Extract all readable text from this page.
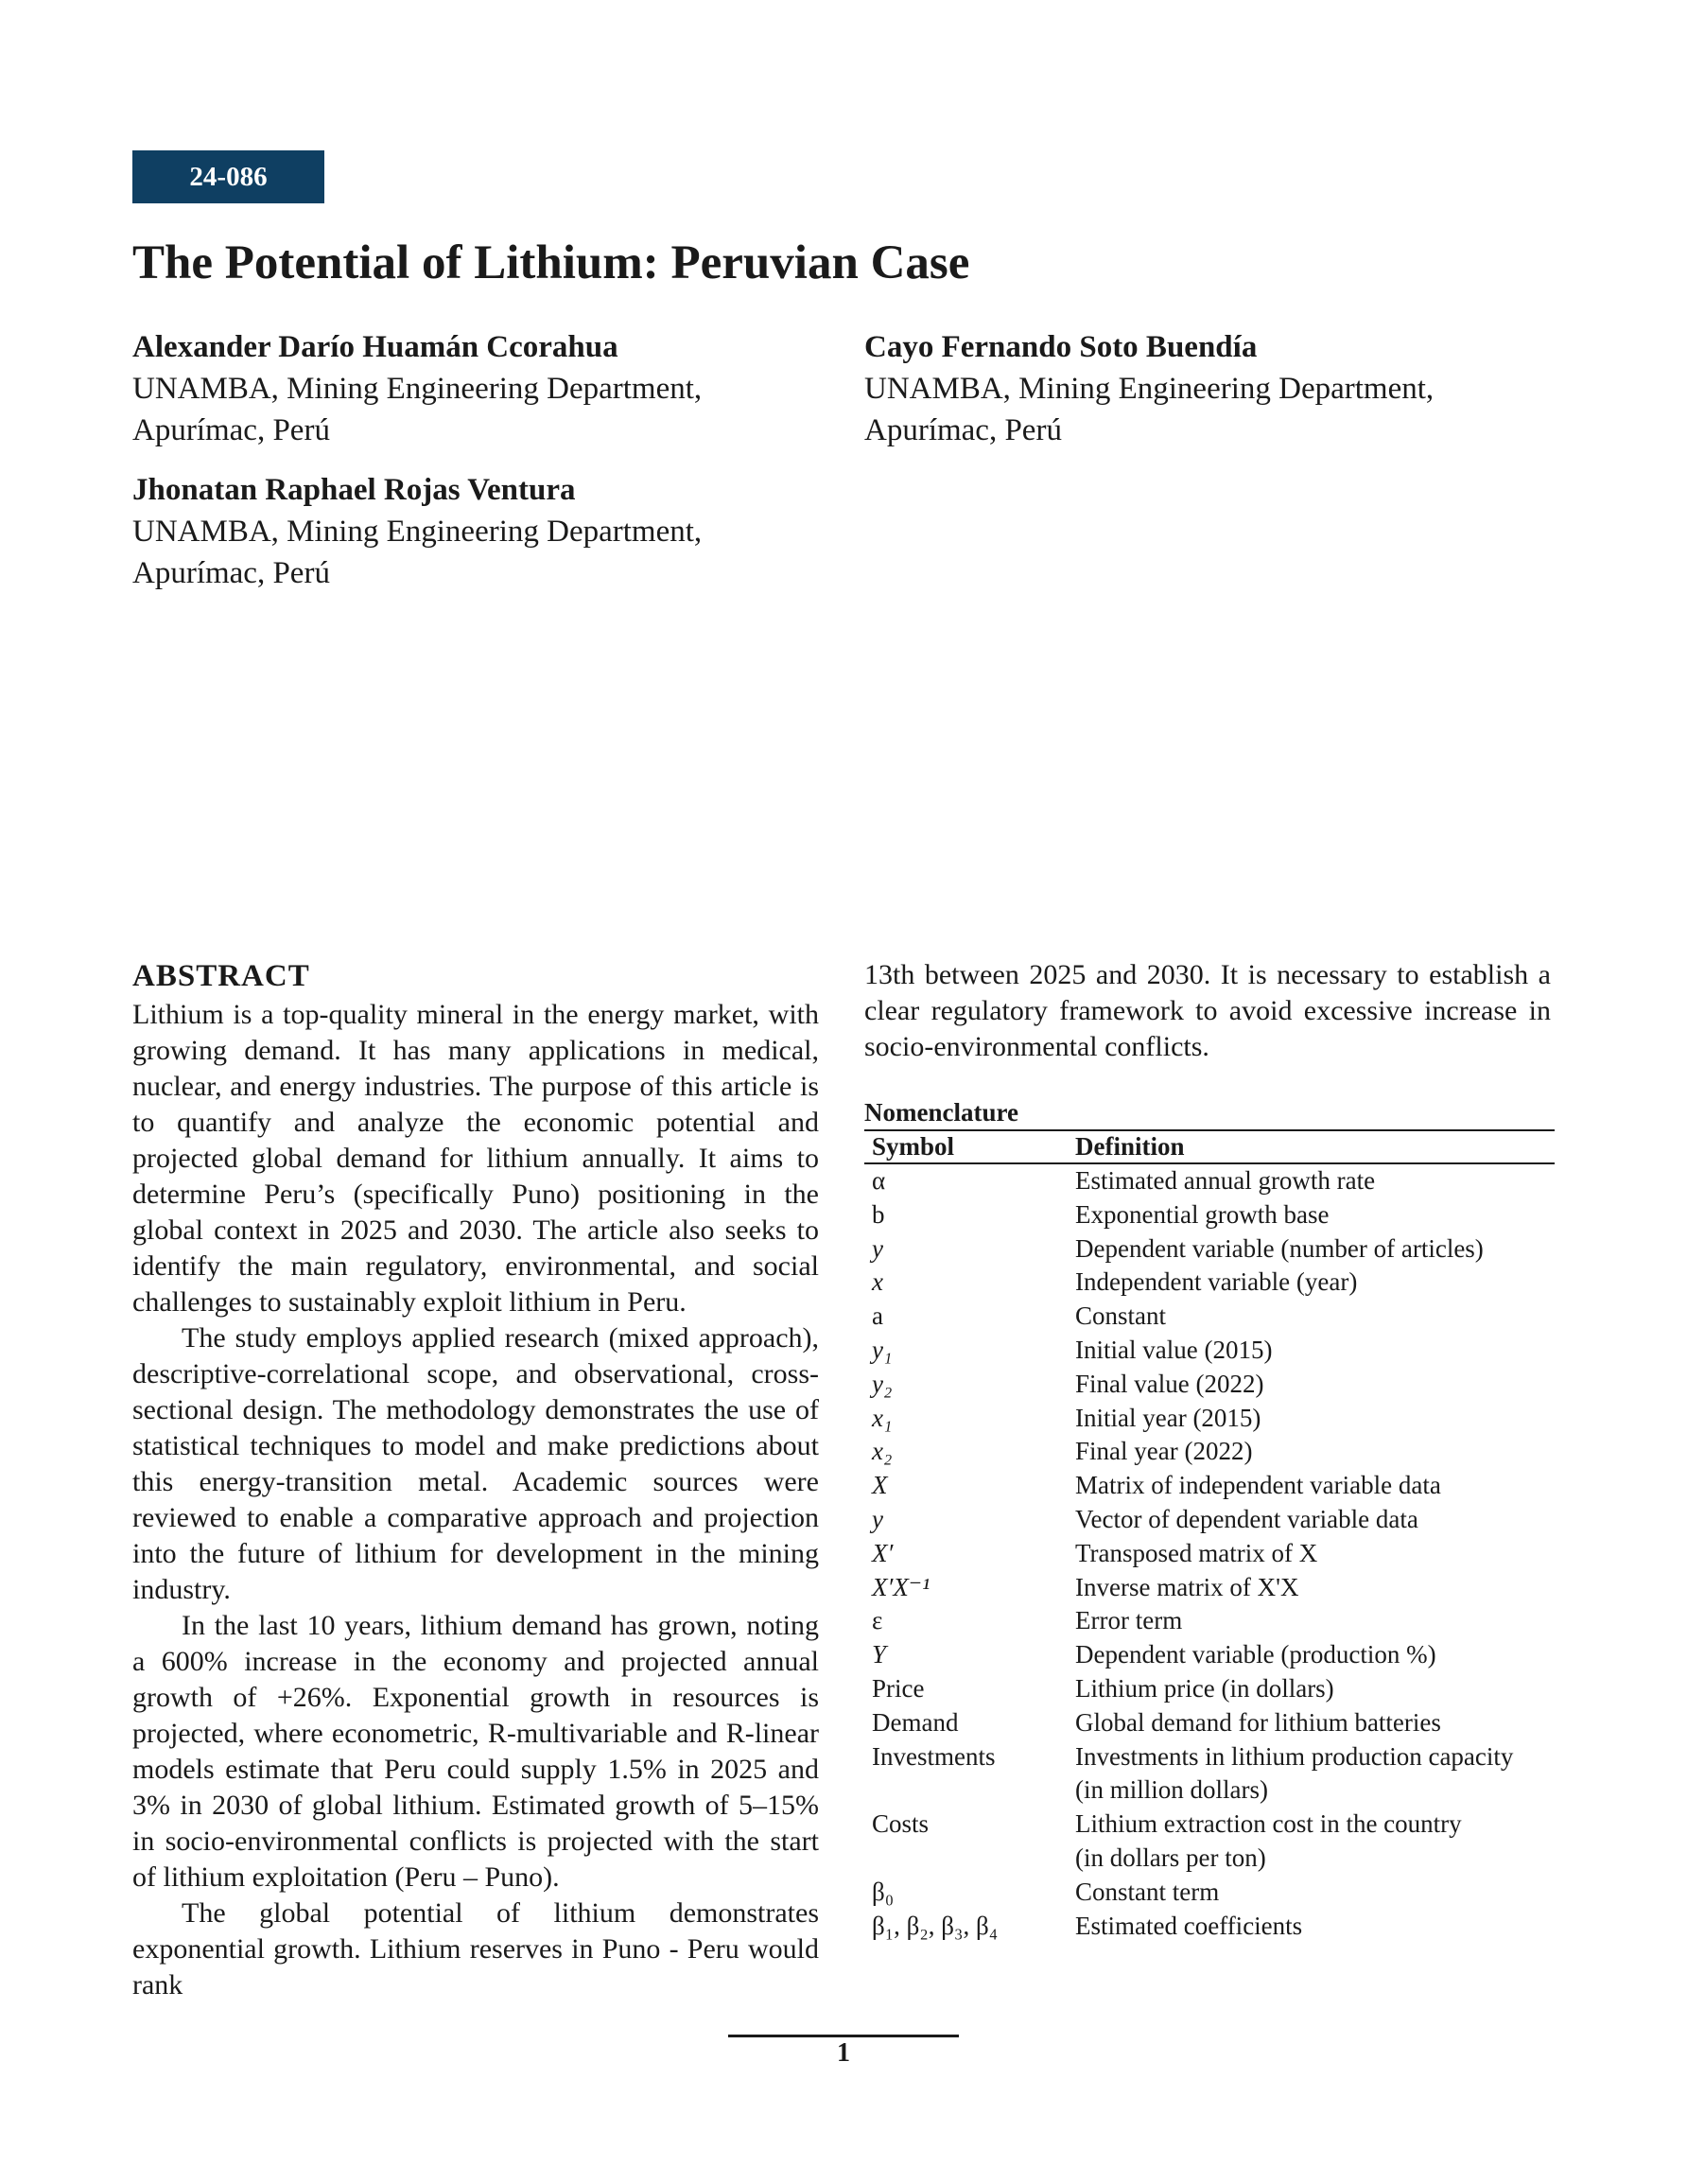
24-086
The Potential of Lithium: Peruvian Case
Alexander Darío Huamán Ccorahua
UNAMBA, Mining Engineering Department,
Apurímac, Perú
Cayo Fernando Soto Buendía
UNAMBA, Mining Engineering Department,
Apurímac, Perú
Jhonatan Raphael Rojas Ventura
UNAMBA, Mining Engineering Department,
Apurímac, Perú
ABSTRACT

Lithium is a top-quality mineral in the energy market, with growing demand. It has many applications in medical, nuclear, and energy industries. The purpose of this article is to quantify and analyze the economic potential and projected global demand for lithium annually. It aims to determine Peru’s (specifically Puno) positioning in the global context in 2025 and 2030. The article also seeks to identify the main regulatory, environmental, and social challenges to sustainably exploit lithium in Peru.

The study employs applied research (mixed approach), descriptive-correlational scope, and observational, cross-sectional design. The methodology demonstrates the use of statistical techniques to model and make predictions about this energy-transition metal. Academic sources were reviewed to enable a comparative approach and projection into the future of lithium for development in the mining industry.

In the last 10 years, lithium demand has grown, noting a 600% increase in the economy and projected annual growth of +26%. Exponential growth in resources is projected, where econometric, R-multivariable and R-linear models estimate that Peru could supply 1.5% in 2025 and 3% in 2030 of global lithium. Estimated growth of 5–15% in socio-environmental conflicts is projected with the start of lithium exploitation (Peru – Puno).

The global potential of lithium demonstrates exponential growth. Lithium reserves in Puno - Peru would rank

13th between 2025 and 2030. It is necessary to establish a clear regulatory framework to avoid excessive increase in socio-environmental conflicts.

Nomenclature
Symbol	Definition
α	Estimated annual growth rate

b	Exponential growth base

y	Dependent variable (number of articles)

x	Independent variable (year)

a	Constant

y₁	Initial value (2015)

y₂	Final value (2022)

x₁	Initial year (2015)

x₂	Final year (2022)

X	Matrix of independent variable data

y	Vector of dependent variable data

X′	Transposed matrix of X

X′X⁻¹	Inverse matrix of X'X

ε	Error term

Y	Dependent variable (production %)

Price	Lithium price (in dollars)

Demand	Global demand for lithium batteries

Investments	Investments in lithium production capacity
(in million dollars)

Costs	Lithium extraction cost in the country
(in dollars per ton)

β₀	Constant term

β₁, β₂, β₃, β₄	Estimated coefficients
1
